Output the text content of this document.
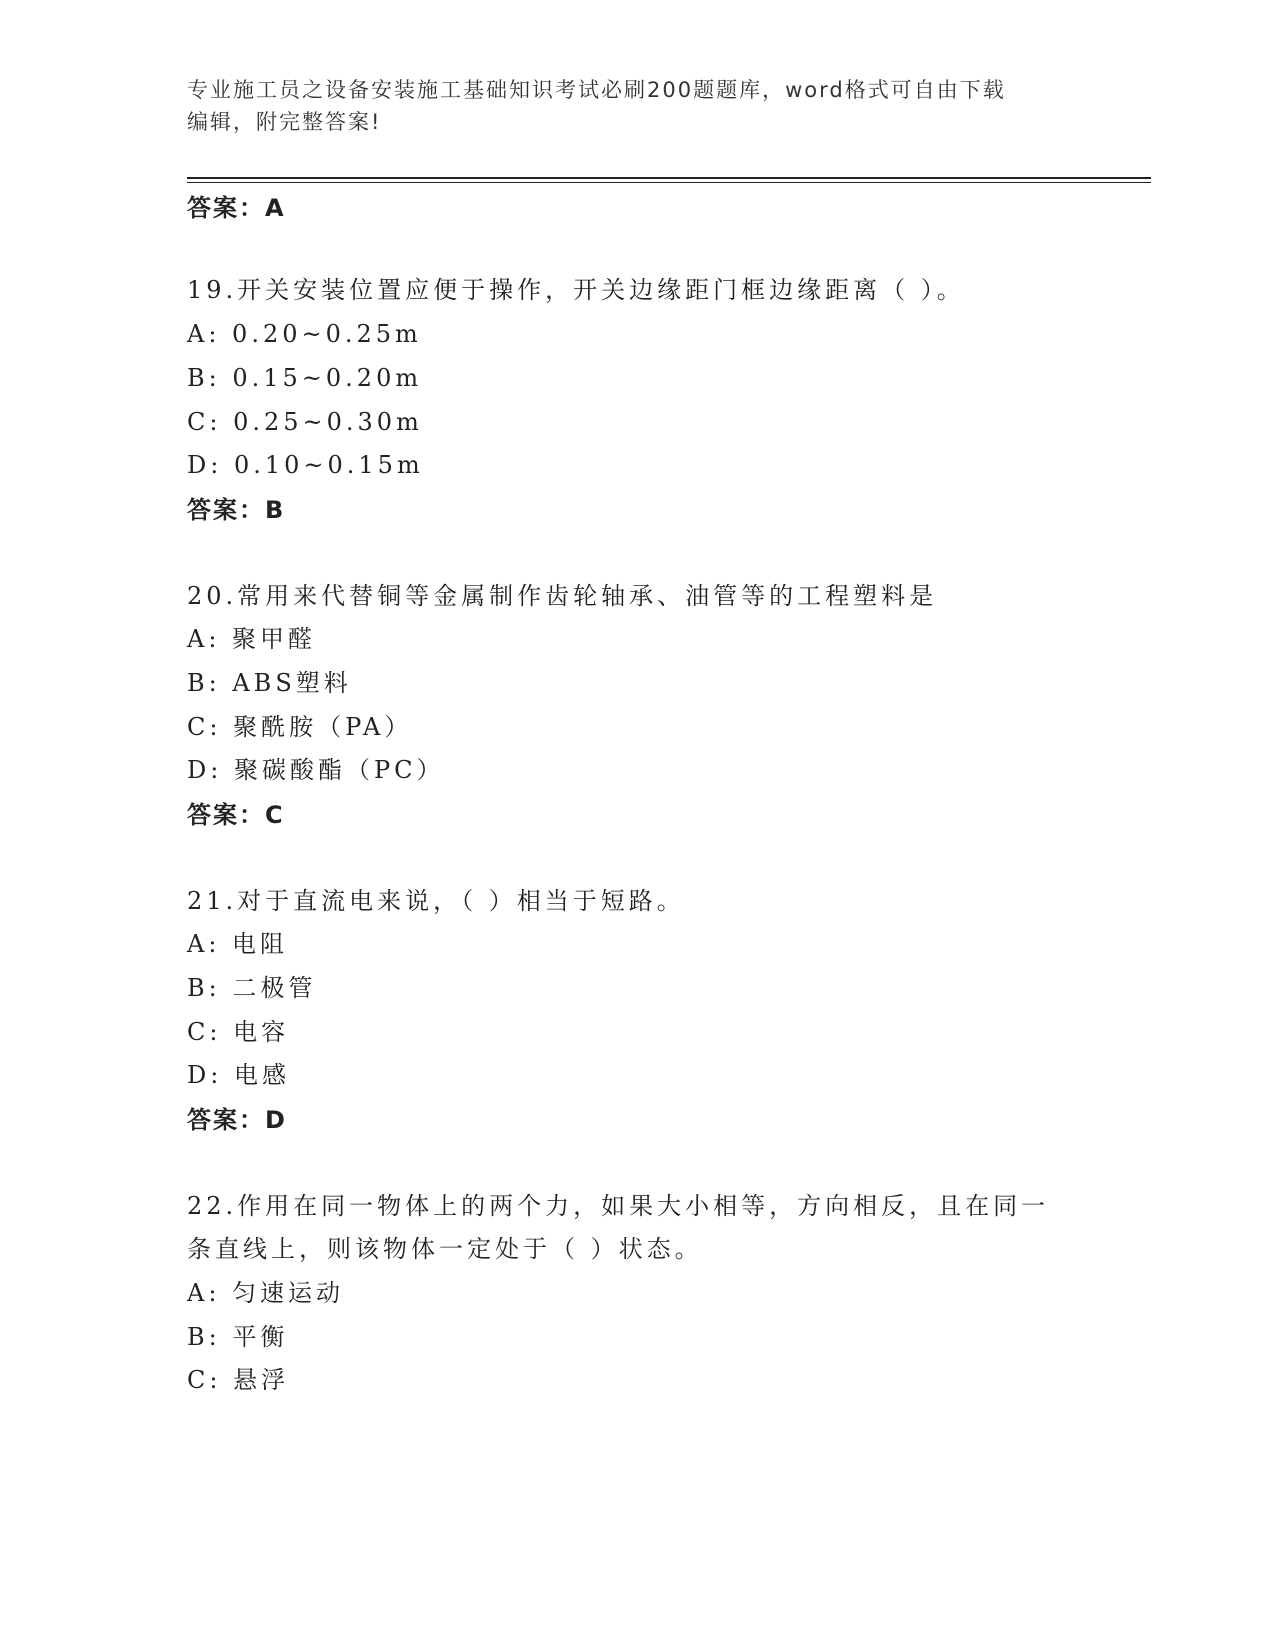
专业施工员之设备安装施工基础知识考试必刷200题题库，word格式可自由下载
编辑，附完整答案!
答案：A
19.开关安装位置应便于操作，开关边缘距门框边缘距离（ ）。
A: 0.20~0.25m
B: 0.15~0.20m
C: 0.25~0.30m
D: 0.10~0.15m
答案：B
20.常用来代替铜等金属制作齿轮轴承、油管等的工程塑料是
A: 聚甲醛
B: ABS塑料
C: 聚酰胺（PA）
D: 聚碳酸酯（PC）
答案：C
21.对于直流电来说，（ ）相当于短路。
A: 电阻
B: 二极管
C: 电容
D: 电感
答案：D
22.作用在同一物体上的两个力，如果大小相等，方向相反，且在同一
条直线上，则该物体一定处于（ ）状态。
A: 匀速运动
B: 平衡
C: 悬浮
